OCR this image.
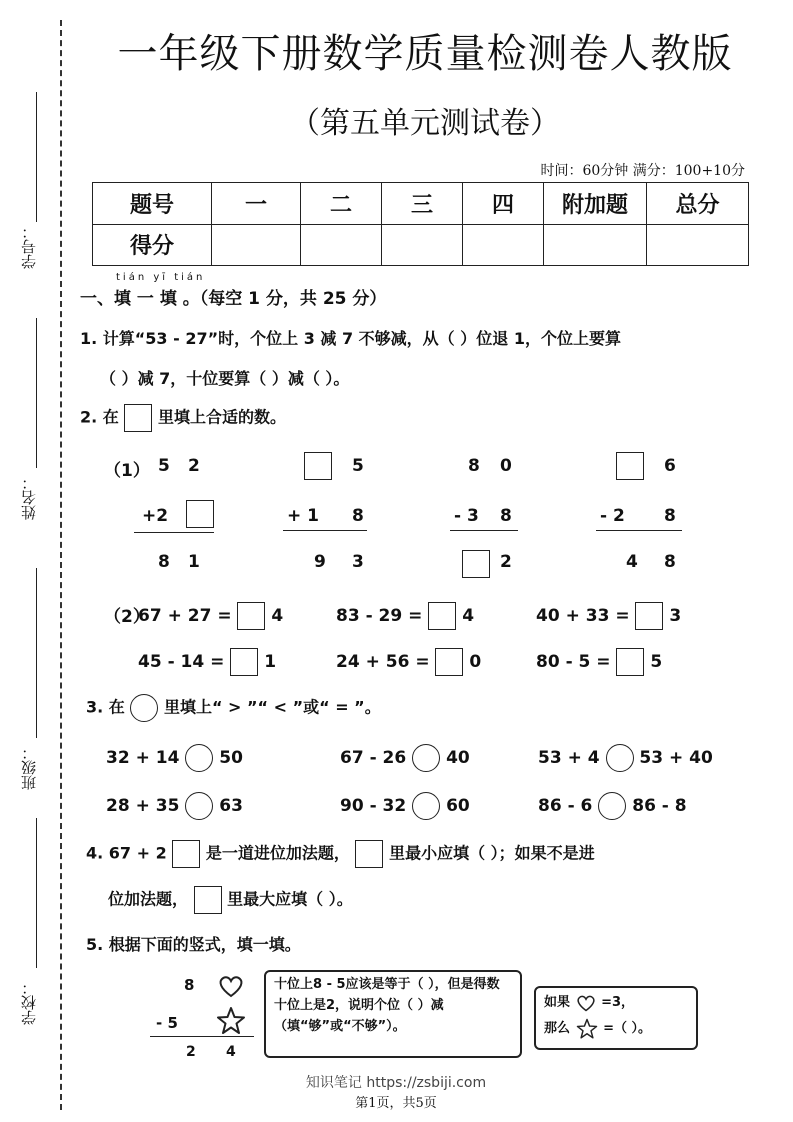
学号：
姓名：
班级：
学校：
一年级下册数学质量检测卷人教版
（第五单元测试卷）
时间：60分钟 满分：100+10分
题号	一	二	三	四	附加题	总分
得分						
tián yī tián
一、填 一 填 。（每空 1 分，共 25 分）
1. 计算“53 - 27”时，个位上 3 减 7 不够减，从（ ）位退 1，个位上要算
（ ）减 7，十位要算（ ）减（ ）。
2. 在 里填上合适的数。
（1） 5 2
+2
8 1
5
+ 1 8
9 3
8 0
- 3 8
2
6
- 2 8
4 8
（2）
67 + 27 = 4	83 - 29 = 4	40 + 33 = 3
45 - 14 = 1	24 + 56 = 0	80 - 5 = 5
3. 在 里填上“ > ”“ < ”或“ = ”。
32 + 14 50	67 - 26 40	53 + 4 53 + 40
28 + 35 63	90 - 32 60	86 - 6 86 - 8
4. 67 + 2 是一道进位加法题， 里最小应填（ ）；如果不是进
位加法题， 里最大应填（ ）。
5. 根据下面的竖式，填一填。
8
- 5
2 4
十位上8 - 5应该是等于（ ），但是得数十位上是2，说明个位（ ）减（填“够”或“不够”）。
如果 =3，
那么	=（ ）。
知识笔记 https://zsbiji.com
第1页，共5页
